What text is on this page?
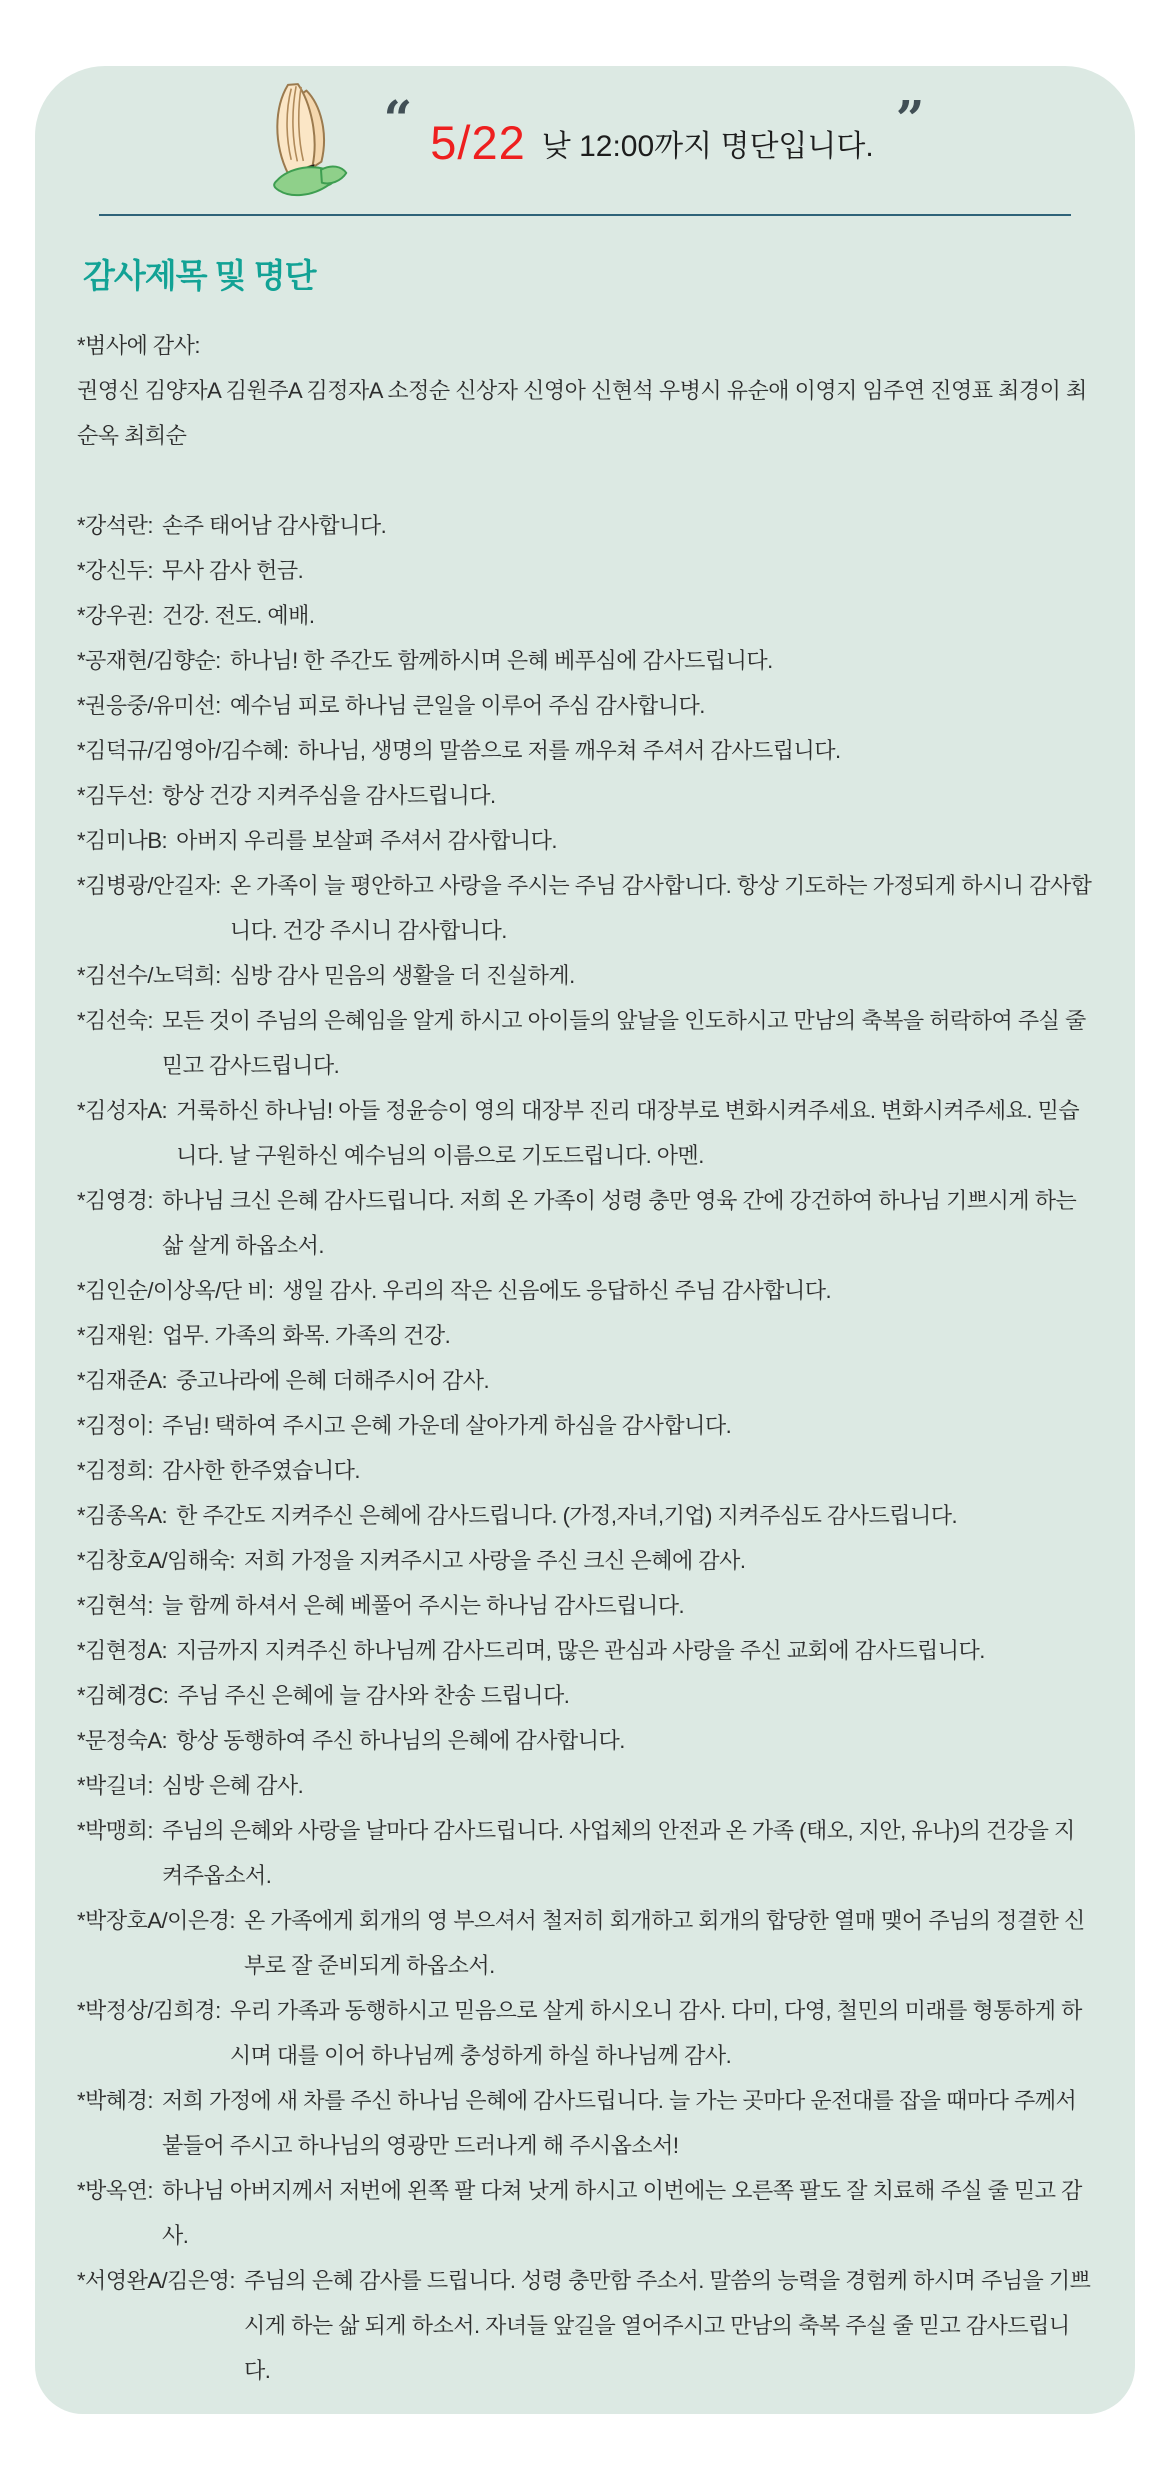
“ 5/22 낮 12:00까지 명단입니다. ”
감사제목 및 명단
*범사에 감사:
권영신 김양자A 김원주A 김정자A 소정순 신상자 신영아 신현석 우병시 유순애 이영지 임주연 진영표 최경이 최순옥 최희순
*강석란: 손주 태어남 감사합니다.
*강신두: 무사 감사 헌금.
*강우권: 건강. 전도. 예배.
*공재현/김향순: 하나님! 한 주간도 함께하시며 은혜 베푸심에 감사드립니다.
*권응중/유미선: 예수님 피로 하나님 큰일을 이루어 주심 감사합니다.
*김덕규/김영아/김수혜: 하나님, 생명의 말씀으로 저를 깨우쳐 주셔서 감사드립니다.
*김두선: 항상 건강 지켜주심을 감사드립니다.
*김미나B: 아버지 우리를 보살펴 주셔서 감사합니다.
*김병광/안길자: 온 가족이 늘 평안하고 사랑을 주시는 주님 감사합니다. 항상 기도하는 가정되게 하시니 감사합니다. 건강 주시니 감사합니다.
*김선수/노덕희: 심방 감사 믿음의 생활을 더 진실하게.
*김선숙: 모든 것이 주님의 은혜임을 알게 하시고 아이들의 앞날을 인도하시고 만남의 축복을 허락하여 주실 줄 믿고 감사드립니다.
*김성자A: 거룩하신 하나님! 아들 정윤승이 영의 대장부 진리 대장부로 변화시켜주세요. 변화시켜주세요. 믿습니다. 날 구원하신 예수님의 이름으로 기도드립니다. 아멘.
*김영경: 하나님 크신 은혜 감사드립니다. 저희 온 가족이 성령 충만 영육 간에 강건하여 하나님 기쁘시게 하는 삶 살게 하옵소서.
*김인순/이상옥/단 비: 생일 감사. 우리의 작은 신음에도 응답하신 주님 감사합니다.
*김재원: 업무. 가족의 화목. 가족의 건강.
*김재준A: 중고나라에 은혜 더해주시어 감사.
*김정이: 주님! 택하여 주시고 은혜 가운데 살아가게 하심을 감사합니다.
*김정희: 감사한 한주였습니다.
*김종옥A: 한 주간도 지켜주신 은혜에 감사드립니다. (가정,자녀,기업) 지켜주심도 감사드립니다.
*김창호A/임해숙: 저희 가정을 지켜주시고 사랑을 주신 크신 은혜에 감사.
*김현석: 늘 함께 하셔서 은혜 베풀어 주시는 하나님 감사드립니다.
*김현정A: 지금까지 지켜주신 하나님께 감사드리며, 많은 관심과 사랑을 주신 교회에 감사드립니다.
*김혜경C: 주님 주신 은혜에 늘 감사와 찬송 드립니다.
*문정숙A: 항상 동행하여 주신 하나님의 은혜에 감사합니다.
*박길녀: 심방 은혜 감사.
*박맹희: 주님의 은혜와 사랑을 날마다 감사드립니다. 사업체의 안전과 온 가족 (태오, 지안, 유나)의 건강을 지켜주옵소서.
*박장호A/이은경: 온 가족에게 회개의 영 부으셔서 철저히 회개하고 회개의 합당한 열매 맺어 주님의 정결한 신부로 잘 준비되게 하옵소서.
*박정상/김희경: 우리 가족과 동행하시고 믿음으로 살게 하시오니 감사. 다미, 다영, 철민의 미래를 형통하게 하시며 대를 이어 하나님께 충성하게 하실 하나님께 감사.
*박혜경: 저희 가정에 새 차를 주신 하나님 은혜에 감사드립니다. 늘 가는 곳마다 운전대를 잡을 때마다 주께서 붙들어 주시고 하나님의 영광만 드러나게 해 주시옵소서!
*방옥연: 하나님 아버지께서 저번에 왼쪽 팔 다쳐 낫게 하시고 이번에는 오른쪽 팔도 잘 치료해 주실 줄 믿고 감사.
*서영완A/김은영: 주님의 은혜 감사를 드립니다. 성령 충만함 주소서. 말씀의 능력을 경험케 하시며 주님을 기쁘시게 하는 삶 되게 하소서. 자녀들 앞길을 열어주시고 만남의 축복 주실 줄 믿고 감사드립니다.
